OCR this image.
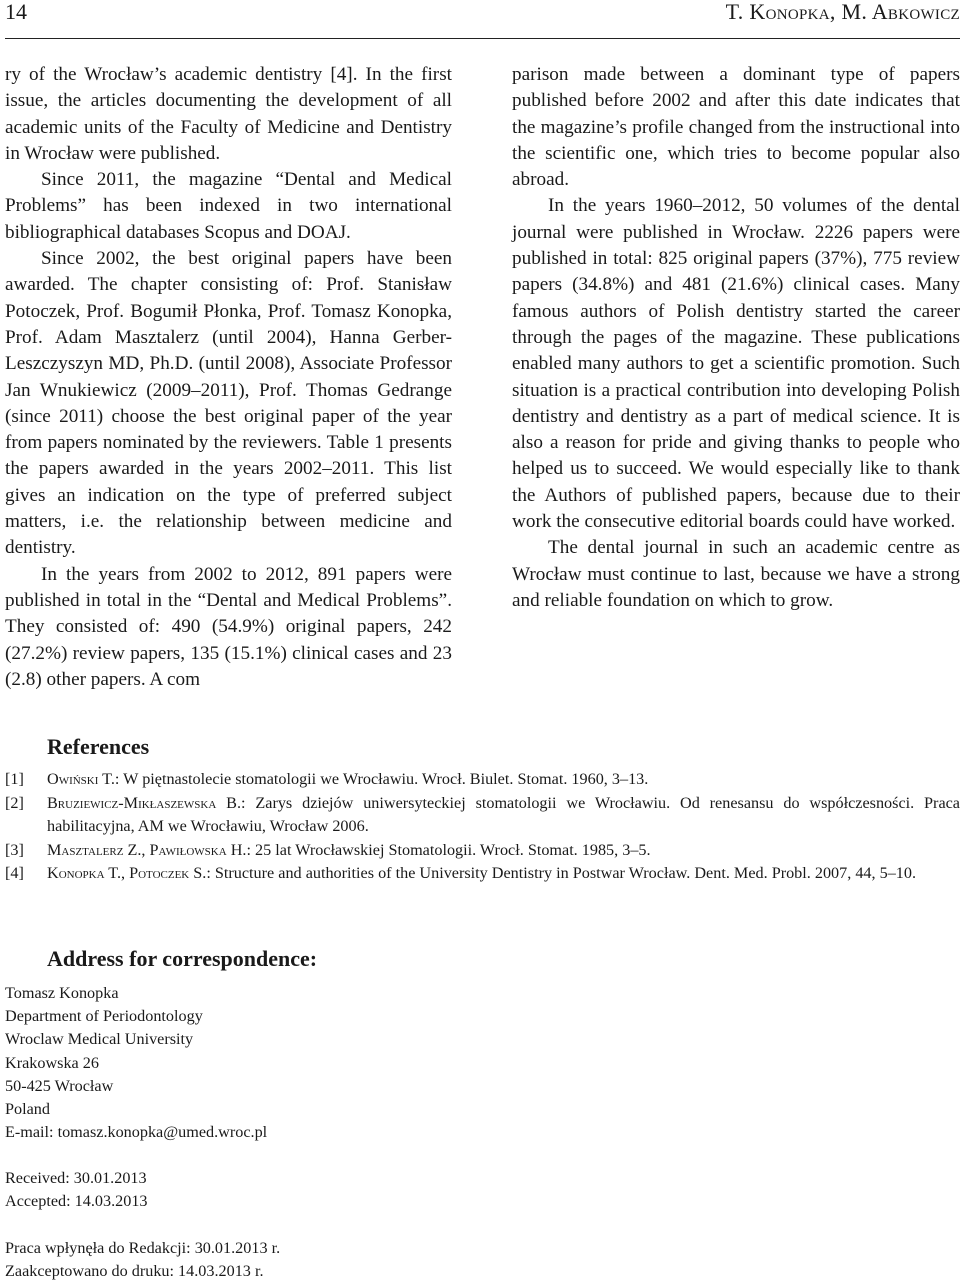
14	T. Konopka, M. Abkowicz

ry of the Wrocław’s academic dentistry [4]. In the first issue, the articles documenting the development of all academic units of the Faculty of Medicine and Dentistry in Wrocław were published.

Since 2011, the magazine “Dental and Medical Problems” has been indexed in two international bibliographical databases Scopus and DOAJ.

Since 2002, the best original papers have been awarded. The chapter consisting of: Prof. Stanisław Potoczek, Prof. Bogumił Płonka, Prof. Tomasz Konopka, Prof. Adam Masztalerz (until 2004), Hanna Gerber-Leszczyszyn MD, Ph.D. (until 2008), Associate Professor Jan Wnukiewicz (2009–2011), Prof. Thomas Gedrange (since 2011) choose the best original paper of the year from papers nominated by the reviewers. Table 1 presents the papers awarded in the years 2002–2011. This list gives an indication on the type of preferred subject matters, i.e. the relationship between medicine and dentistry.

In the years from 2002 to 2012, 891 papers were published in total in the “Dental and Medical Problems”. They consisted of: 490 (54.9%) original papers, 242 (27.2%) review papers, 135 (15.1%) clinical cases and 23 (2.8) other papers. A com

parison made between a dominant type of papers published before 2002 and after this date indicates that the magazine’s profile changed from the instructional into the scientific one, which tries to become popular also abroad.

In the years 1960–2012, 50 volumes of the dental journal were published in Wrocław. 2226 papers were published in total: 825 original papers (37%), 775 review papers (34.8%) and 481 (21.6%) clinical cases. Many famous authors of Polish dentistry started the career through the pages of the magazine. These publications enabled many authors to get a scientific promotion. Such situation is a practical contribution into developing Polish dentistry and dentistry as a part of medical science. It is also a reason for pride and giving thanks to people who helped us to succeed. We would especially like to thank the Authors of published papers, because due to their work the consecutive editorial boards could have worked.

The dental journal in such an academic centre as Wrocław must continue to last, because we have a strong and reliable foundation on which to grow.

References
[1] Owiński T.: W piętnastolecie stomatologii we Wrocławiu. Wrocł. Biulet. Stomat. 1960, 3–13.
[2] Bruziewicz-Mikłaszewska B.: Zarys dziejów uniwersyteckiej stomatologii we Wrocławiu. Od renesansu do współczesności. Praca habilitacyjna, AM we Wrocławiu, Wrocław 2006.
[3] Masztalerz Z., Pawiłowska H.: 25 lat Wrocławskiej Stomatologii. Wrocł. Stomat. 1985, 3–5.
[4] Konopka T., Potoczek S.: Structure and authorities of the University Dentistry in Postwar Wrocław. Dent. Med. Probl. 2007, 44, 5–10.
Address for correspondence:
Tomasz Konopka
Department of Periodontology
Wroclaw Medical University
Krakowska 26
50-425 Wrocław
Poland
E-mail: tomasz.konopka@umed.wroc.pl
Received: 30.01.2013
Accepted: 14.03.2013
Praca wpłynęła do Redakcji: 30.01.2013 r.
Zaakceptowano do druku: 14.03.2013 r.
